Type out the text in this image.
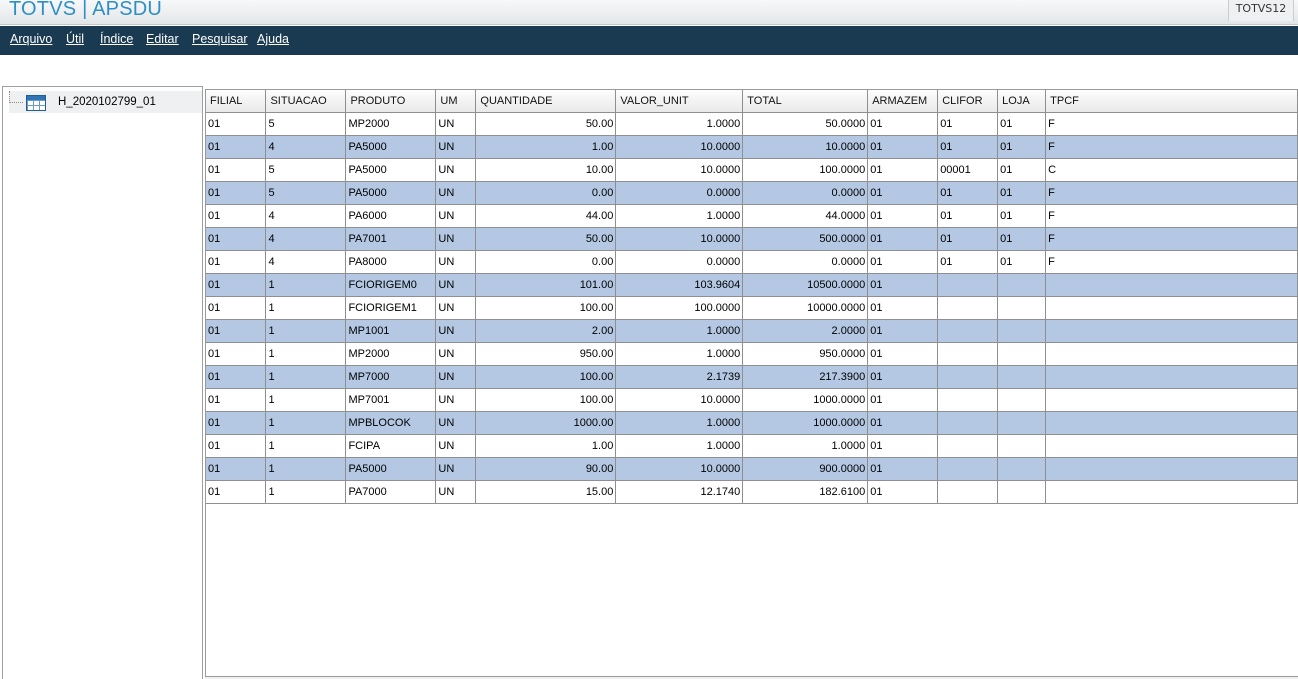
TOTVS | APSDU	TOTVS12
Arquivo Útil Índice Editar Pesquisar Ajuda
H_2020102799_01	FILIAL	SITUACAO	PRODUTO	UM	QUANTIDADE	VALOR_UNIT	TOTAL	ARMAZEM	CLIFOR	LOJA	TPCF
01	5	MP2000	UN	50.00	1.0000	50.0000	01	01	01	F
01	4	PA5000	UN	1.00	10.0000	10.0000	01	01	01	F
01	5	PA5000	UN	10.00	10.0000	100.0000	01	00001	01	C
01	5	PA5000	UN	0.00	0.0000	0.0000	01	01	01	F
01	4	PA6000	UN	44.00	1.0000	44.0000	01	01	01	F
01	4	PA7001	UN	50.00	10.0000	500.0000	01	01	01	F
01	4	PA8000	UN	0.00	0.0000	0.0000	01	01	01	F
01	1	FCIORIGEM0	UN	101.00	103.9604	10500.0000	01			
01	1	FCIORIGEM1	UN	100.00	100.0000	10000.0000	01			
01	1	MP1001	UN	2.00	1.0000	2.0000	01			
01	1	MP2000	UN	950.00	1.0000	950.0000	01			
01	1	MP7000	UN	100.00	2.1739	217.3900	01			
01	1	MP7001	UN	100.00	10.0000	1000.0000	01			
01	1	MPBLOCOK	UN	1000.00	1.0000	1000.0000	01			
01	1	FCIPA	UN	1.00	1.0000	1.0000	01			
01	1	PA5000	UN	90.00	10.0000	900.0000	01			
01	1	PA7000	UN	15.00	12.1740	182.6100	01			
